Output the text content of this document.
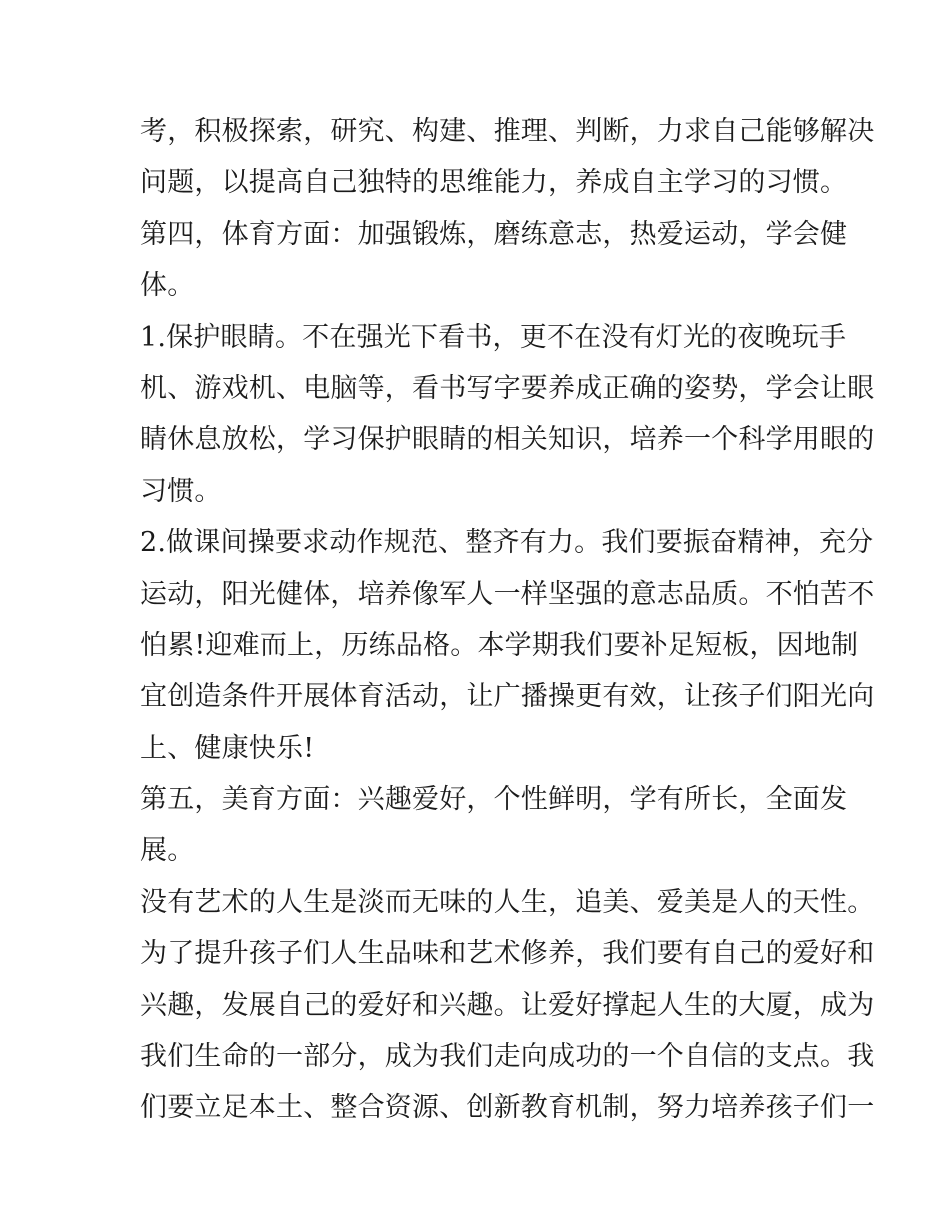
考，积极探索，研究、构建、推理、判断，力求自己能够解决
问题，以提高自己独特的思维能力，养成自主学习的习惯。
第四，体育方面：加强锻炼，磨练意志，热爱运动，学会健
体。
1.保护眼睛。不在强光下看书，更不在没有灯光的夜晚玩手
机、游戏机、电脑等，看书写字要养成正确的姿势，学会让眼
睛休息放松，学习保护眼睛的相关知识，培养一个科学用眼的
习惯。
2.做课间操要求动作规范、整齐有力。我们要振奋精神，充分
运动，阳光健体，培养像军人一样坚强的意志品质。不怕苦不
怕累!迎难而上，历练品格。本学期我们要补足短板，因地制
宜创造条件开展体育活动，让广播操更有效，让孩子们阳光向
上、健康快乐!
第五，美育方面：兴趣爱好，个性鲜明，学有所长，全面发
展。
没有艺术的人生是淡而无味的人生，追美、爱美是人的天性。
为了提升孩子们人生品味和艺术修养，我们要有自己的爱好和
兴趣，发展自己的爱好和兴趣。让爱好撑起人生的大厦，成为
我们生命的一部分，成为我们走向成功的一个自信的支点。我
们要立足本土、整合资源、创新教育机制，努力培养孩子们一
